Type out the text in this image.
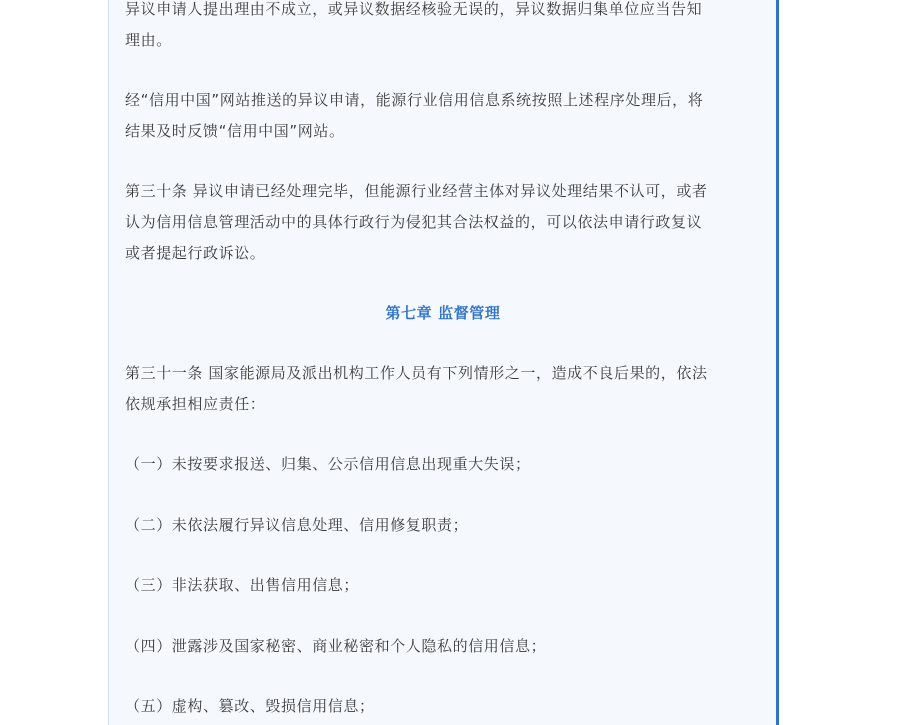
异议申请人提出理由不成立，或异议数据经核验无误的，异议数据归集单位应当告知
理由。

经“信用中国”网站推送的异议申请，能源行业信用信息系统按照上述程序处理后，将
结果及时反馈“信用中国”网站。

第三十条 异议申请已经处理完毕，但能源行业经营主体对异议处理结果不认可，或者
认为信用信息管理活动中的具体行政行为侵犯其合法权益的，可以依法申请行政复议
或者提起行政诉讼。

第七章 监督管理

第三十一条 国家能源局及派出机构工作人员有下列情形之一，造成不良后果的，依法
依规承担相应责任：

（一）未按要求报送、归集、公示信用信息出现重大失误；
（二）未依法履行异议信息处理、信用修复职责；
（三）非法获取、出售信用信息；
（四）泄露涉及国家秘密、商业秘密和个人隐私的信用信息；
（五）虚构、篡改、毁损信用信息；
